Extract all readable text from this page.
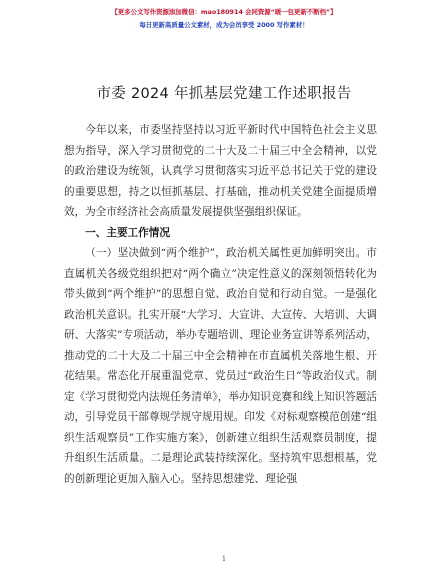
【更多公文写作资源添加微信：mao180914 会同资源“暖一包更新不断档”】
每日更新高质量公文素材，成为会员享受 2000 写作素材！
市委 2024 年抓基层党建工作述职报告

今年以来，市委坚持坚持以习近平新时代中国特色社会主义思想为指导，深入学习贯彻党的二十大及二十届三中全会精神，以党的政治建设为统领，认真学习贯彻落实习近平总书记关于党的建设的重要思想，持之以恒抓基层、打基础，推动机关党建全面提质增效，为全市经济社会高质量发展提供坚强组织保证。

一、主要工作情况

（一）坚决做到“两个维护”，政治机关属性更加鲜明突出。市直属机关各级党组织把对“两个确立”决定性意义的深刻领悟转化为带头做到“两个维护”的思想自觉、政治自觉和行动自觉。一是强化政治机关意识。扎实开展“大学习、大宣讲、大宣传、大培训、大调研、大落实”专项活动，举办专题培训、理论业务宣讲等系列活动，推动党的二十大及二十届三中全会精神在市直属机关落地生根、开花结果。常态化开展重温党章、党员过“政治生日”等政治仪式。制定《学习贯彻党内法规任务清单》，举办知识竞赛和线上知识答题活动，引导党员干部尊规学规守规用规。印发《对标观察模范创建“组织生活观察员”工作实施方案》，创新建立组织生活观察员制度，提升组织生活质量。二是理论武装持续深化。坚持筑牢思想根基，党的创新理论更加入脑入心。坚持思想建党、理论强

1
